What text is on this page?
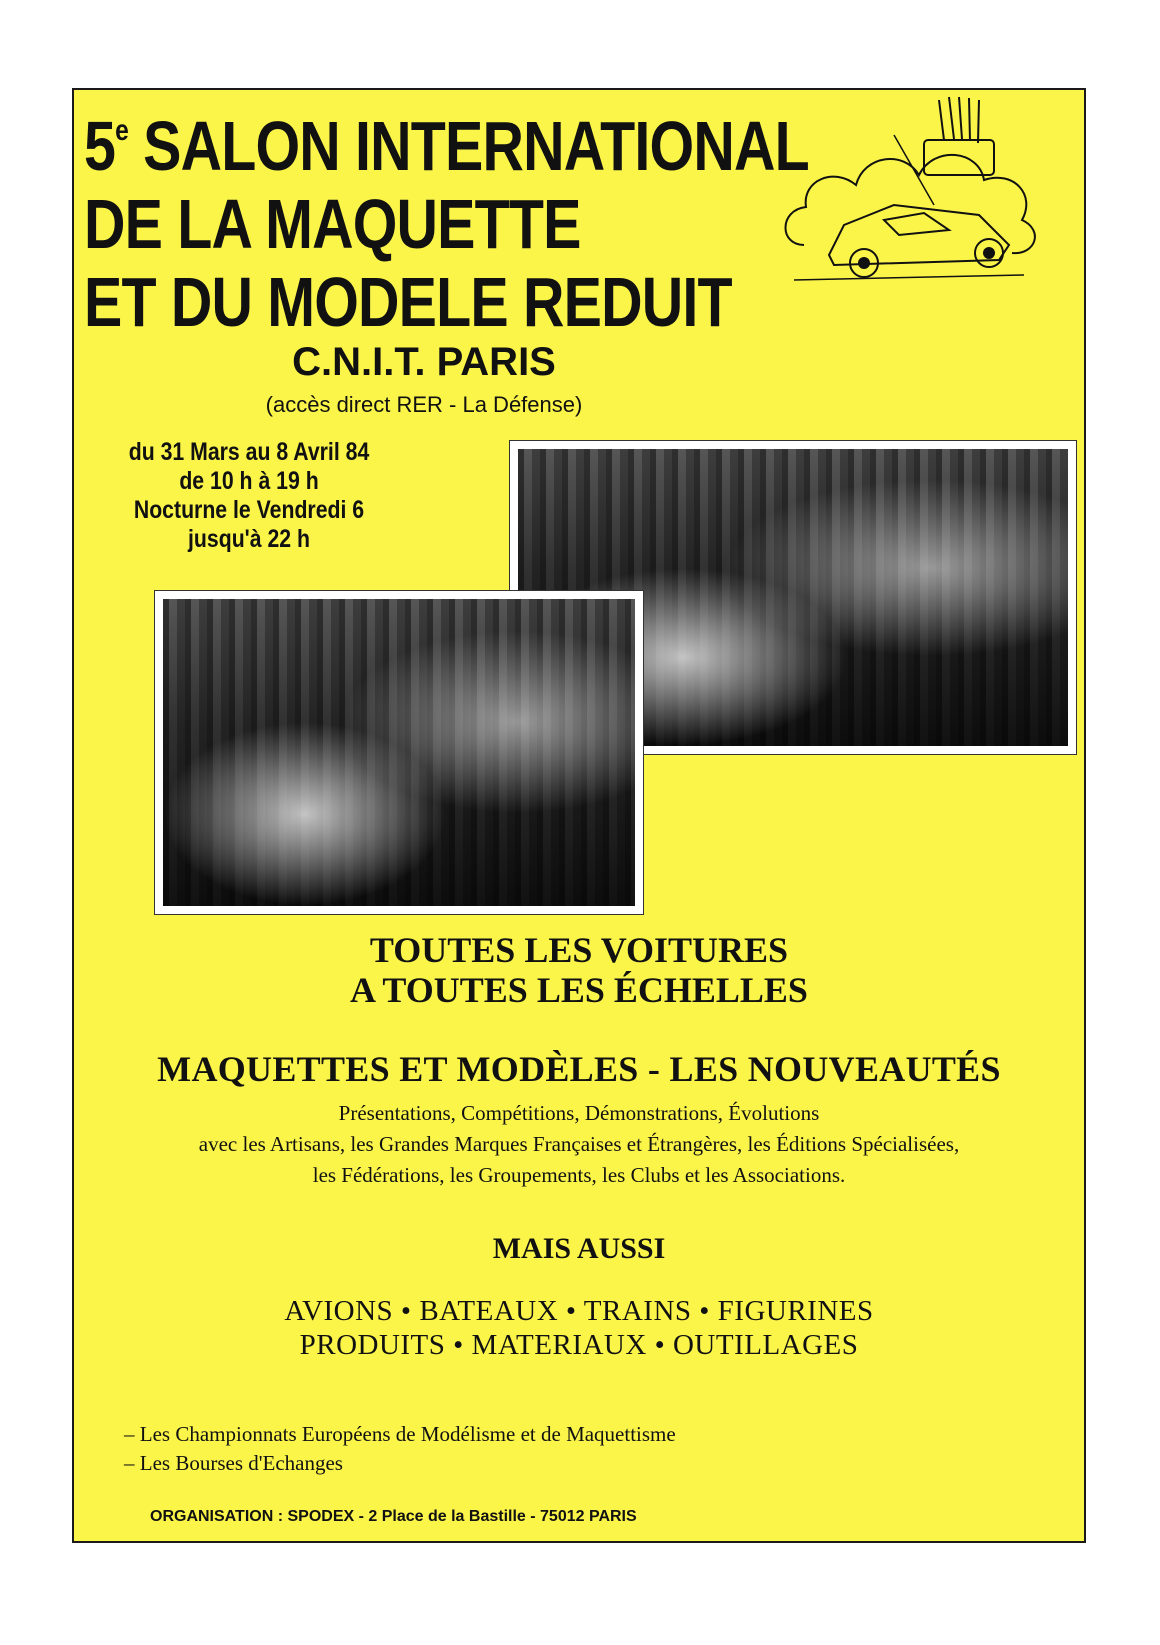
5e SALON INTERNATIONAL
DE LA MAQUETTE
ET DU MODELE REDUIT
C.N.I.T. PARIS
(accès direct RER - La Défense)
du 31 Mars au 8 Avril 84
de 10 h à 19 h
Nocturne le Vendredi 6
jusqu'à 22 h
TOUTES LES VOITURES
A TOUTES LES ÉCHELLES
MAQUETTES ET MODÈLES - LES NOUVEAUTÉS
Présentations, Compétitions, Démonstrations, Évolutions
avec les Artisans, les Grandes Marques Françaises et Étrangères, les Éditions Spécialisées,
les Fédérations, les Groupements, les Clubs et les Associations.
MAIS AUSSI
AVIONS • BATEAUX • TRAINS • FIGURINES
PRODUITS • MATERIAUX • OUTILLAGES
– Les Championnats Européens de Modélisme et de Maquettisme
– Les Bourses d'Echanges
ORGANISATION : SPODEX - 2 Place de la Bastille - 75012 PARIS
